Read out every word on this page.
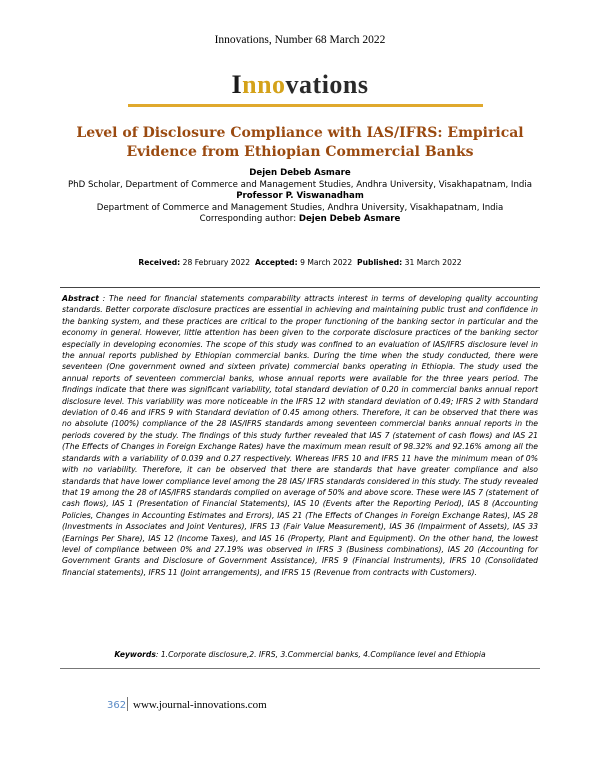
Innovations, Number 68 March 2022
Innovations
Level of Disclosure Compliance with IAS/IFRS: Empirical Evidence from Ethiopian Commercial Banks
Dejen Debeb Asmare
PhD Scholar, Department of Commerce and Management Studies, Andhra University, Visakhapatnam, India
Professor P. Viswanadham
Department of Commerce and Management Studies, Andhra University, Visakhapatnam, India
Corresponding author: Dejen Debeb Asmare
Received: 28 February 2022 Accepted: 9 March 2022 Published: 31 March 2022
Abstract : The need for financial statements comparability attracts interest in terms of developing quality accounting standards. Better corporate disclosure practices are essential in achieving and maintaining public trust and confidence in the banking system, and these practices are critical to the proper functioning of the banking sector in particular and the economy in general. However, little attention has been given to the corporate disclosure practices of the banking sector especially in developing economies. The scope of this study was confined to an evaluation of IAS/IFRS disclosure level in the annual reports published by Ethiopian commercial banks. During the time when the study conducted, there were seventeen (One government owned and sixteen private) commercial banks operating in Ethiopia. The study used the annual reports of seventeen commercial banks, whose annual reports were available for the three years period. The findings indicate that there was significant variability, total standard deviation of 0.20 in commercial banks annual report disclosure level. This variability was more noticeable in the IFRS 12 with standard deviation of 0.49; IFRS 2 with Standard deviation of 0.46 and IFRS 9 with Standard deviation of 0.45 among others. Therefore, it can be observed that there was no absolute (100%) compliance of the 28 IAS/IFRS standards among seventeen commercial banks annual reports in the periods covered by the study. The findings of this study further revealed that IAS 7 (statement of cash flows) and IAS 21 (The Effects of Changes in Foreign Exchange Rates) have the maximum mean result of 98.32% and 92.16% among all the standards with a variability of 0.039 and 0.27 respectively. Whereas IFRS 10 and IFRS 11 have the minimum mean of 0% with no variability. Therefore, it can be observed that there are standards that have greater compliance and also standards that have lower compliance level among the 28 IAS/ IFRS standards considered in this study. The study revealed that 19 among the 28 of IAS/IFRS standards complied on average of 50% and above score. These were IAS 7 (statement of cash flows), IAS 1 (Presentation of Financial Statements), IAS 10 (Events after the Reporting Period), IAS 8 (Accounting Policies, Changes in Accounting Estimates and Errors), IAS 21 (The Effects of Changes in Foreign Exchange Rates), IAS 28 (Investments in Associates and Joint Ventures), IFRS 13 (Fair Value Measurement), IAS 36 (Impairment of Assets), IAS 33 (Earnings Per Share), IAS 12 (Income Taxes), and IAS 16 (Property, Plant and Equipment). On the other hand, the lowest level of compliance between 0% and 27.19% was observed in IFRS 3 (Business combinations), IAS 20 (Accounting for Government Grants and Disclosure of Government Assistance), IFRS 9 (Financial Instruments), IFRS 10 (Consolidated financial statements), IFRS 11 (Joint arrangements), and IFRS 15 (Revenue from contracts with Customers).
Keywords: 1.Corporate disclosure,2. IFRS, 3.Commercial banks, 4.Compliance level and Ethiopia
362 www.journal-innovations.com
